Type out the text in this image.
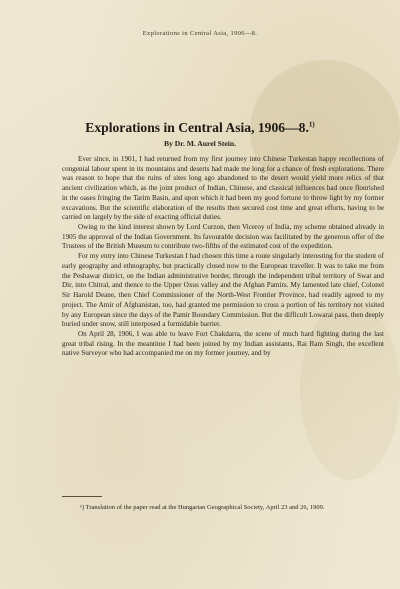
Explorations in Central Asia, 1906—8.
Explorations in Central Asia, 1906—8.$^{1)}$
By Dr. M. Aurel Stein.

Ever since, in 1901, I had returned from my first journey into Chinese Turkestan happy recollections of congenial labour spent in its mountains and deserts had made me long for a chance of fresh explorations. There was reason to hope that the ruins of sites long ago abandoned to the desert would yield more relics of that ancient civilization which, as the joint product of Indian, Chinese, and classical influences had once flourished in the oases fringing the Tarim Basin, and upon which it had been my good fortune to throw light by my former excavations. But the scientific elaboration of the results then secured cost time and great efforts, having to be carried on largely by the side of exacting official duties.

Owing to the kind interest shown by Lord Curzon, then Viceroy of India, my scheme obtained already in 1905 the approval of the Indian Government. Its favourable decision was facilitated by the generous offer of the Trustees of the British Museum to contribute two-fifths of the estimated cost of the expedition.

For my entry into Chinese Turkestan I had chosen this time a route singularly interesting for the student of early geography and ethnography, but practically closed now to the European traveller. It was to take me from the Peshawar district, on the Indian administrative border, through the independent tribal territory of Swat and Dir, into Chitral, and thence to the Upper Oxus valley and the Afghan Pamirs. My lamented late chief, Colonel Sir Harold Deane, then Chief Commissioner of the North-West Frontier Province, had readily agreed to my project. The Amir of Afghanistan, too, had granted me permission to cross a portion of his territory not visited by any European since the days of the Pamir Boundary Commission. But the difficult Lowarai pass, then deeply buried under snow, still interposed a formidable barrier.

On April 28, 1906, I was able to leave Fort Chakdarra, the scene of much hard fighting during the last great tribal rising. In the meantime I had been joined by my Indian assistants, Rai Ram Singh, the excellent native Surveyor who had accompanied me on my former journey, and by

¹) Translation of the paper read at the Hungarian Geographical Society, April 23 and 26, 1909.
